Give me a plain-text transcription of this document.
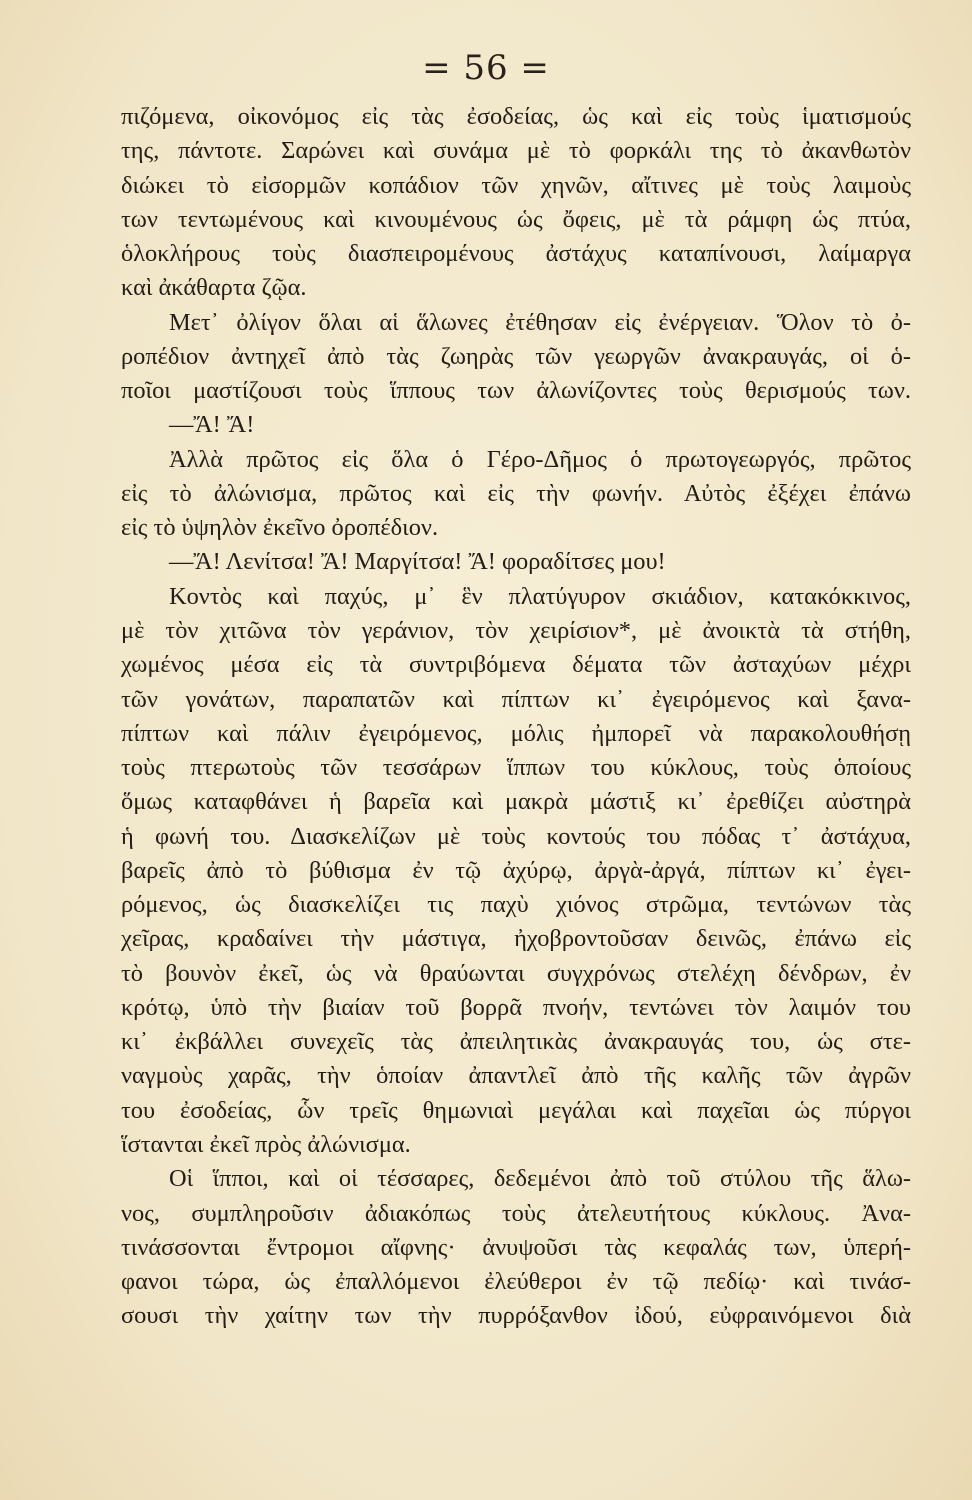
= 56 =
πιζόμενα, οἰκονόμος εἰς τὰς ἐσοδείας, ὡς καὶ εἰς τοὺς ἱματισμούς
της, πάντοτε. Σαρώνει καὶ συνάμα μὲ τὸ φορκάλι της τὸ ἀκανθωτὸν
διώκει τὸ εἰσορμῶν κοπάδιον τῶν χηνῶν, αἴτινες μὲ τοὺς λαιμοὺς
των τεντωμένους καὶ κινουμένους ὡς ὄφεις, μὲ τὰ ράμφη ὡς πτύα,
ὁλοκλήρους τοὺς διασπειρομένους ἀστάχυς καταπίνουσι, λαίμαργα
καὶ ἀκάθαρτα ζῷα.
Μετ᾽ ὀλίγον ὅλαι αἱ ἅλωνες ἐτέθησαν εἰς ἐνέργειαν. Ὅλον τὸ ὀ-
ροπέδιον ἀντηχεῖ ἀπὸ τὰς ζωηρὰς τῶν γεωργῶν ἀνακραυγάς, οἱ ὁ-
ποῖοι μαστίζουσι τοὺς ἵππους των ἀλωνίζοντες τοὺς θερισμούς των.
—Ἄ! Ἄ!
Ἀλλὰ πρῶτος εἰς ὅλα ὁ Γέρο-Δῆμος ὁ πρωτογεωργός, πρῶτος
εἰς τὸ ἀλώνισμα, πρῶτος καὶ εἰς τὴν φωνήν. Αὐτὸς ἐξέχει ἐπάνω
εἰς τὸ ὑψηλὸν ἐκεῖνο ὀροπέδιον.
—Ἄ! Λενίτσα! Ἄ! Μαργίτσα! Ἄ! φοραδίτσες μου!
Κοντὸς καὶ παχύς, μ᾽ ἓν πλατύγυρον σκιάδιον, κατακόκκινος,
μὲ τὸν χιτῶνα τὸν γεράνιον, τὸν χειρίσιον*, μὲ ἀνοικτὰ τὰ στήθη,
χωμένος μέσα εἰς τὰ συντριβόμενα δέματα τῶν ἀσταχύων μέχρι
τῶν γονάτων, παραπατῶν καὶ πίπτων κι᾽ ἐγειρόμενος καὶ ξανα-
πίπτων καὶ πάλιν ἐγειρόμενος, μόλις ἠμπορεῖ νὰ παρακολουθήσῃ
τοὺς πτερωτοὺς τῶν τεσσάρων ἵππων του κύκλους, τοὺς ὁποίους
ὅμως καταφθάνει ἡ βαρεῖα καὶ μακρὰ μάστιξ κι᾽ ἐρεθίζει αὐστηρὰ
ἡ φωνή του. Διασκελίζων μὲ τοὺς κοντούς του πόδας τ᾽ ἀστάχυα,
βαρεῖς ἀπὸ τὸ βύθισμα ἐν τῷ ἀχύρῳ, ἀργὰ-ἀργά, πίπτων κι᾽ ἐγει-
ρόμενος, ὡς διασκελίζει τις παχὺ χιόνος στρῶμα, τεντώνων τὰς
χεῖρας, κραδαίνει τὴν μάστιγα, ἠχοβροντοῦσαν δεινῶς, ἐπάνω εἰς
τὸ βουνὸν ἐκεῖ, ὡς νὰ θραύωνται συγχρόνως στελέχη δένδρων, ἐν
κρότῳ, ὑπὸ τὴν βιαίαν τοῦ βορρᾶ πνοήν, τεντώνει τὸν λαιμόν του
κι᾽ ἐκβάλλει συνεχεῖς τὰς ἀπειλητικὰς ἀνακραυγάς του, ὡς στε-
ναγμοὺς χαρᾶς, τὴν ὁποίαν ἀπαντλεῖ ἀπὸ τῆς καλῆς τῶν ἀγρῶν
του ἐσοδείας, ὧν τρεῖς θημωνιαὶ μεγάλαι καὶ παχεῖαι ὡς πύργοι
ἵστανται ἐκεῖ πρὸς ἀλώνισμα.
Οἱ ἵπποι, καὶ οἱ τέσσαρες, δεδεμένοι ἀπὸ τοῦ στύλου τῆς ἅλω-
νος, συμπληροῦσιν ἀδιακόπως τοὺς ἀτελευτήτους κύκλους. Ἀνα-
τινάσσονται ἔντρομοι αἴφνης· ἀνυψοῦσι τὰς κεφαλάς των, ὑπερή-
φανοι τώρα, ὡς ἐπαλλόμενοι ἐλεύθεροι ἐν τῷ πεδίῳ· καὶ τινάσ-
σουσι τὴν χαίτην των τὴν πυρρόξανθον ἰδού, εὐφραινόμενοι διὰ
